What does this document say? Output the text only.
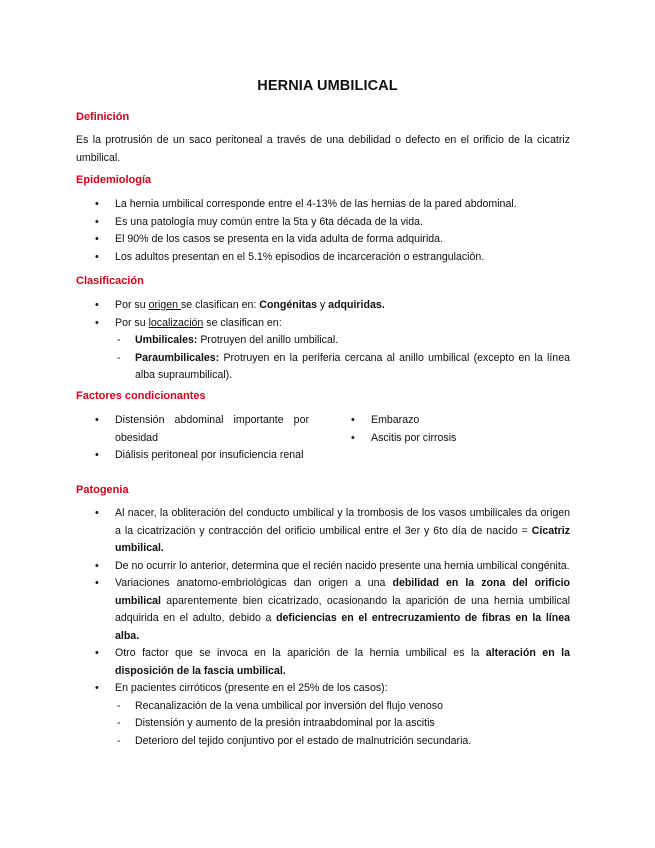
HERNIA UMBILICAL
Definición
Es la protrusión de un saco peritoneal a través de una debilidad o defecto en el orificio de la cicatriz umbilical.
Epidemiología
• La hernia umbilical corresponde entre el 4-13% de las hernias de la pared abdominal.
• Es una patología muy común entre la 5ta y 6ta década de la vida.
• El 90% de los casos se presenta en la vida adulta de forma adquirida.
• Los adultos presentan en el 5.1% episodios de incarceración o estrangulación.
Clasificación
• Por su origen se clasifican en: Congénitas y adquiridas.
• Por su localización se clasifican en:
- Umbilicales: Protruyen del anillo umbilical.
- Paraumbilicales: Protruyen en la periferia cercana al anillo umbilical (excepto en la línea alba supraumbilical).
Factores condicionantes
• Distensión abdominal importante por obesidad
• Diálisis peritoneal por insuficiencia renal
• Embarazo
• Ascitis por cirrosis
Patogenia
• Al nacer, la obliteración del conducto umbilical y la trombosis de los vasos umbilicales da origen a la cicatrización y contracción del orificio umbilical entre el 3er y 6to día de nacido = Cicatriz umbilical.
• De no ocurrir lo anterior, determina que el recién nacido presente una hernia umbilical congénita.
• Variaciones anatomo-embriológicas dan origen a una debilidad en la zona del orificio umbilical aparentemente bien cicatrizado, ocasionando la aparición de una hernia umbilical adquirida en el adulto, debido a deficiencias en el entrecruzamiento de fibras en la línea alba.
• Otro factor que se invoca en la aparición de la hernia umbilical es la alteración en la disposición de la fascia umbilical.
• En pacientes cirróticos (presente en el 25% de los casos):
- Recanalización de la vena umbilical por inversión del flujo venoso
- Distensión y aumento de la presión intraabdominal por la ascitis
- Deterioro del tejido conjuntivo por el estado de malnutrición secundaria.
